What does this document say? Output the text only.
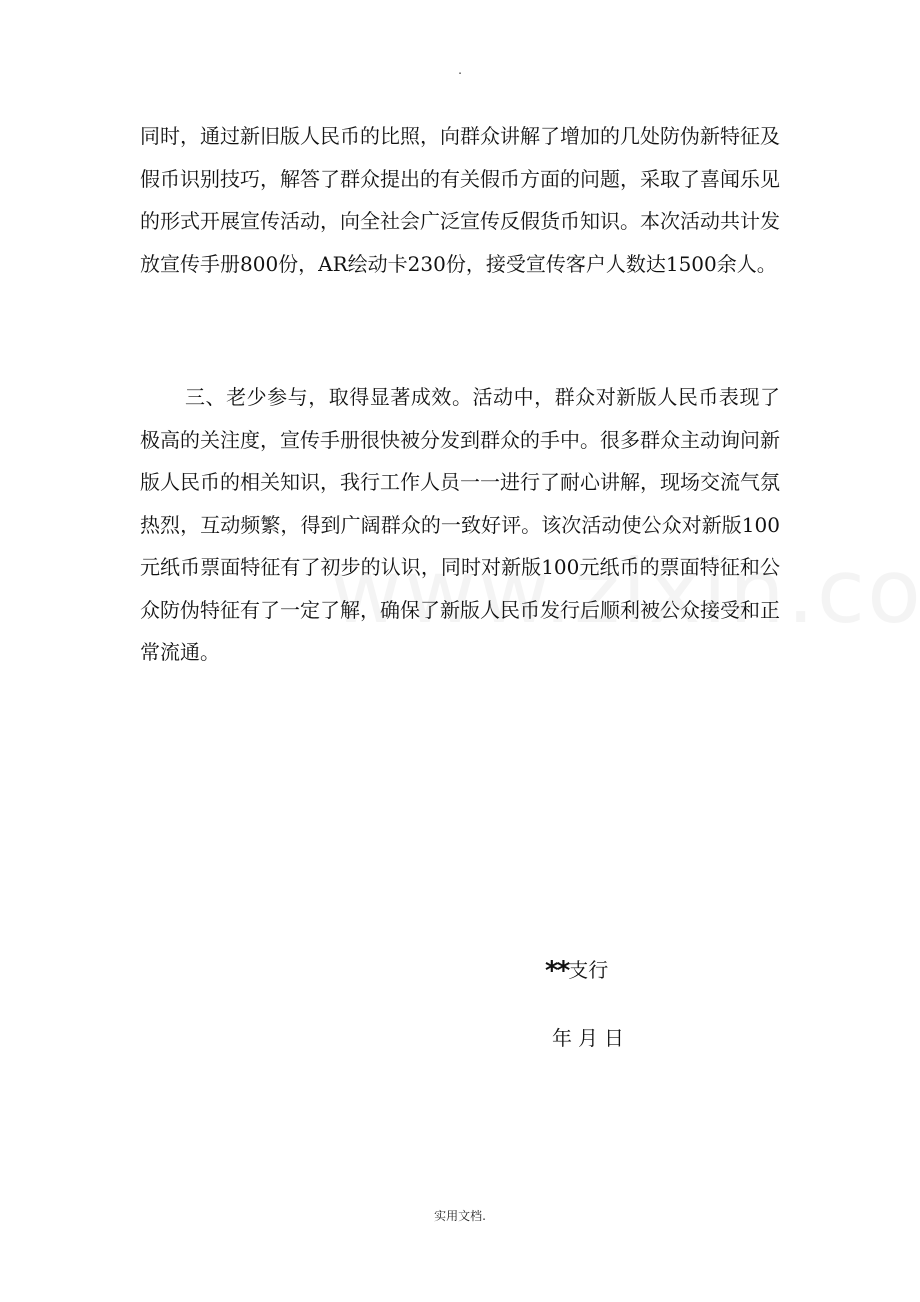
.

同时，通过新旧版人民币的比照，向群众讲解了增加的几处防伪新特征及假币识别技巧，解答了群众提出的有关假币方面的问题，采取了喜闻乐见的形式开展宣传活动，向全社会广泛宣传反假货币知识。本次活动共计发放宣传手册800份，AR绘动卡230份，接受宣传客户人数达1500余人。

三、老少参与，取得显著成效。活动中，群众对新版人民币表现了极高的关注度，宣传手册很快被分发到群众的手中。很多群众主动询问新版人民币的相关知识，我行工作人员一一进行了耐心讲解，现场交流气氛热烈，互动频繁，得到广阔群众的一致好评。该次活动使公众对新版100元纸币票面特征有了初步的认识，同时对新版100元纸币的票面特征和公众防伪特征有了一定了解，确保了新版人民币发行后顺利被公众接受和正常流通。

**支行
年月日
实用文档.
